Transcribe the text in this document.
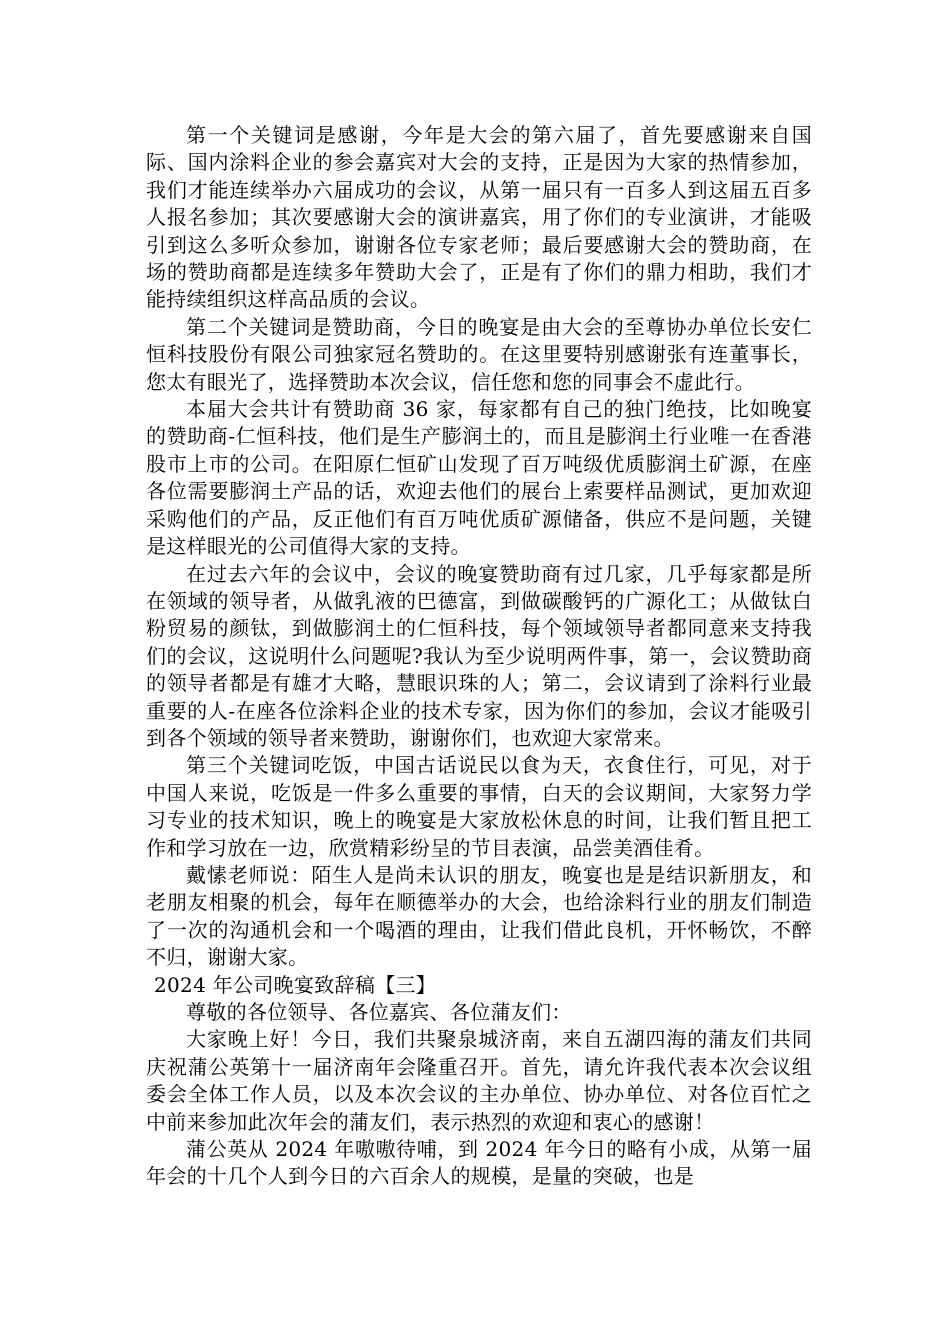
第一个关键词是感谢，今年是大会的第六届了，首先要感谢来自国际、国内涂料企业的参会嘉宾对大会的支持，正是因为大家的热情参加，我们才能连续举办六届成功的会议，从第一届只有一百多人到这届五百多人报名参加；其次要感谢大会的演讲嘉宾，用了你们的专业演讲，才能吸引到这么多听众参加，谢谢各位专家老师；最后要感谢大会的赞助商，在场的赞助商都是连续多年赞助大会了，正是有了你们的鼎力相助，我们才能持续组织这样高品质的会议。

第二个关键词是赞助商，今日的晚宴是由大会的至尊协办单位长安仁恒科技股份有限公司独家冠名赞助的。在这里要特别感谢张有连董事长，您太有眼光了，选择赞助本次会议，信任您和您的同事会不虚此行。

本届大会共计有赞助商 36 家，每家都有自己的独门绝技，比如晚宴的赞助商-仁恒科技，他们是生产膨润土的，而且是膨润土行业唯一在香港股市上市的公司。在阳原仁恒矿山发现了百万吨级优质膨润土矿源，在座各位需要膨润土产品的话，欢迎去他们的展台上索要样品测试，更加欢迎采购他们的产品，反正他们有百万吨优质矿源储备，供应不是问题，关键是这样眼光的公司值得大家的支持。

在过去六年的会议中，会议的晚宴赞助商有过几家，几乎每家都是所在领域的领导者，从做乳液的巴德富，到做碳酸钙的广源化工；从做钛白粉贸易的颜钛，到做膨润土的仁恒科技，每个领域领导者都同意来支持我们的会议，这说明什么问题呢?我认为至少说明两件事，第一，会议赞助商的领导者都是有雄才大略，慧眼识珠的人；第二，会议请到了涂料行业最重要的人-在座各位涂料企业的技术专家，因为你们的参加，会议才能吸引到各个领域的领导者来赞助，谢谢你们，也欢迎大家常来。

第三个关键词吃饭，中国古话说民以食为天，衣食住行，可见，对于中国人来说，吃饭是一件多么重要的事情，白天的会议期间，大家努力学习专业的技术知识，晚上的晚宴是大家放松休息的时间，让我们暂且把工作和学习放在一边，欣赏精彩纷呈的节目表演，品尝美酒佳肴。

戴愫老师说：陌生人是尚未认识的朋友，晚宴也是是结识新朋友，和老朋友相聚的机会，每年在顺德举办的大会，也给涂料行业的朋友们制造了一次的沟通机会和一个喝酒的理由，让我们借此良机，开怀畅饮，不醉不归，谢谢大家。

2024 年公司晚宴致辞稿【三】

尊敬的各位领导、各位嘉宾、各位蒲友们：

大家晚上好！今日，我们共聚泉城济南，来自五湖四海的蒲友们共同庆祝蒲公英第十一届济南年会隆重召开。首先，请允许我代表本次会议组委会全体工作人员，以及本次会议的主办单位、协办单位、对各位百忙之中前来参加此次年会的蒲友们，表示热烈的欢迎和衷心的感谢！

蒲公英从 2024 年嗷嗷待哺，到 2024 年今日的略有小成，从第一届年会的十几个人到今日的六百余人的规模，是量的突破，也是
